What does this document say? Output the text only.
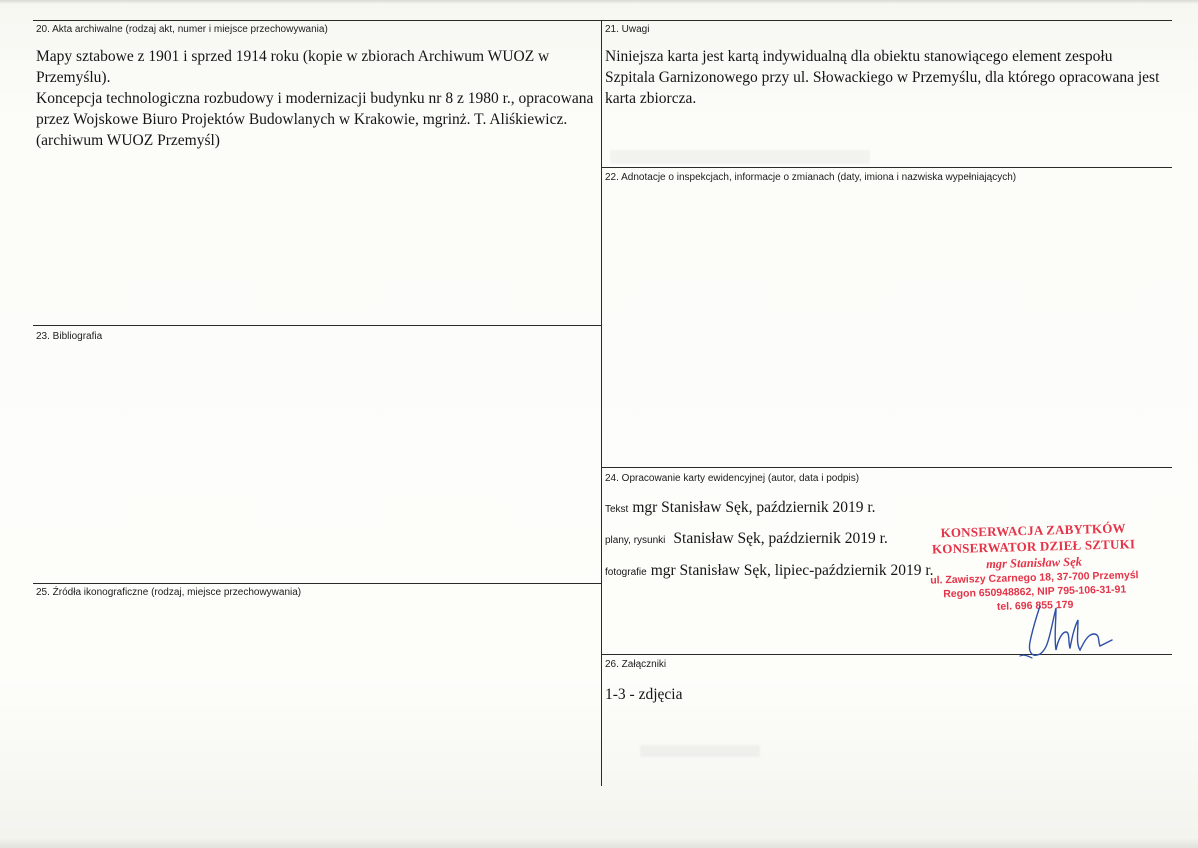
20. Akta archiwalne (rodzaj akt, numer i miejsce przechowywania)

Mapy sztabowe z 1901 i sprzed 1914 roku (kopie w zbiorach Archiwum WUOZ w Przemyślu).

Koncepcja technologiczna rozbudowy i modernizacji budynku nr 8 z 1980 r., opracowana przez Wojskowe Biuro Projektów Budowlanych w Krakowie, mgrinż. T. Aliśkiewicz. (archiwum WUOZ Przemyśl)

21. Uwagi
Niniejsza karta jest kartą indywidualną dla obiektu stanowiącego element zespołu Szpitala Garnizonowego przy ul. Słowackiego w Przemyślu, dla którego opracowana jest karta zbiorcza.
22. Adnotacje o inspekcjach, informacje o zmianach (daty, imiona i nazwiska wypełniających)
23. Bibliografia
24. Opracowanie karty ewidencyjnej (autor, data i podpis)
Tekst mgr Stanisław Sęk, październik 2019 r.
plany, rysunki Stanisław Sęk, październik 2019 r.
fotografie mgr Stanisław Sęk, lipiec-październik 2019 r.
25. Źródła ikonograficzne (rodzaj, miejsce przechowywania)
26. Załączniki
1-3 - zdjęcia
KONSERWACJA ZABYTKÓW
KONSERWATOR DZIEŁ SZTUKI
mgr Stanisław Sęk
ul. Zawiszy Czarnego 18, 37-700 Przemyśl
Regon 650948862, NIP 795-106-31-91
tel. 696 855 179
